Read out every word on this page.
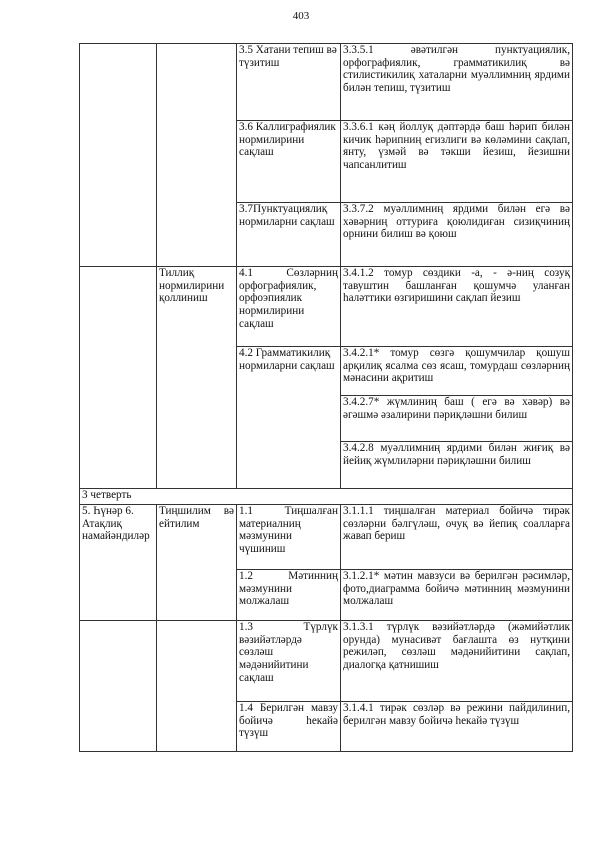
403
		3.5 Хатани тепиш вә түзитиш	3.3.5.1 әвәтилгән пунктуациялик, орфографиялик, грамматикилиқ вә стилистикилиқ хаталарни муәллимниң ярдими билән тепиш, түзитиш
		3.6 Каллиграфиялик нормилирини сақлаш	3.3.6.1 кәң йоллуқ дәптәрдә баш һәрип билән кичик һәрипниң егизлиги вә көләмини сақлап, янту, үзмәй вә тәкши йезиш, йезишни чапсанлитиш
		3.7Пунктуациялиқ нормиларни сақлаш	3.3.7.2 муәллимниң ярдими билән егә вә хәвәрниң оттуриға қоюлидиған сизиқчиниң орнини билиш вә қоюш
	Тиллиқ нормилирини қоллиниш	4.1 Сөзләрниң орфографиялик, орфоэпиялик нормилирини сақлаш	3.4.1.2 томур сөздики -а, - ә-ниң созуқ тавуштин башланған қошумчә уланған һаләттики өзгиришини сақлап йезиш
		4.2 Грамматикилиқ нормиларни сақлаш	3.4.2.1* томур сөзгә қошумчилар қошуш арқилиқ ясалма сөз ясаш, томурдаш сөзләрниң мәнасини ақритиш
			3.4.2.7* жүмлиниң баш ( егә вә хәвәр) вә әгәшмә әзалирини пәриқләшни билиш
			3.4.2.8 муәллимниң ярдими билән жиғиқ вә йейиқ жүмлиләрни пәриқләшни билиш
3 четверть			
5. Һүнәр 6. Атақлиқ намайәндиләр	Тиңшилим вә ейтилим	1.1 Тиңшалған материалниң мәзмунини чүшиниш	3.1.1.1 тиңшалған материал бойичә тирәк сөзләрни бәлгүләш, очуқ вә йепиқ соалларға жавап бериш
		1.2 Мәтинниң мәзмунини молжалаш	3.1.2.1* мәтин мавзуси вә берилгән рәсимләр, фото,диаграмма бойичә мәтинниң мәзмунини молжалаш
		1.3 Түрлүк вәзийәтләрдә сөзләш мәдәнийитини сақлаш	3.1.3.1 түрлүк вәзийәтләрдә (жәмийәтлик орунда) мунасивәт бағлашта өз нутқини режиләп, сөзләш мәдәнийитини сақлап, диалогқа қатнишиш
		1.4 Берилгән мавзу бойичә һекайә түзүш	3.1.4.1 тирәк сөзләр вә режини пайдилинип, берилгән мавзу бойичә һекайә түзүш
